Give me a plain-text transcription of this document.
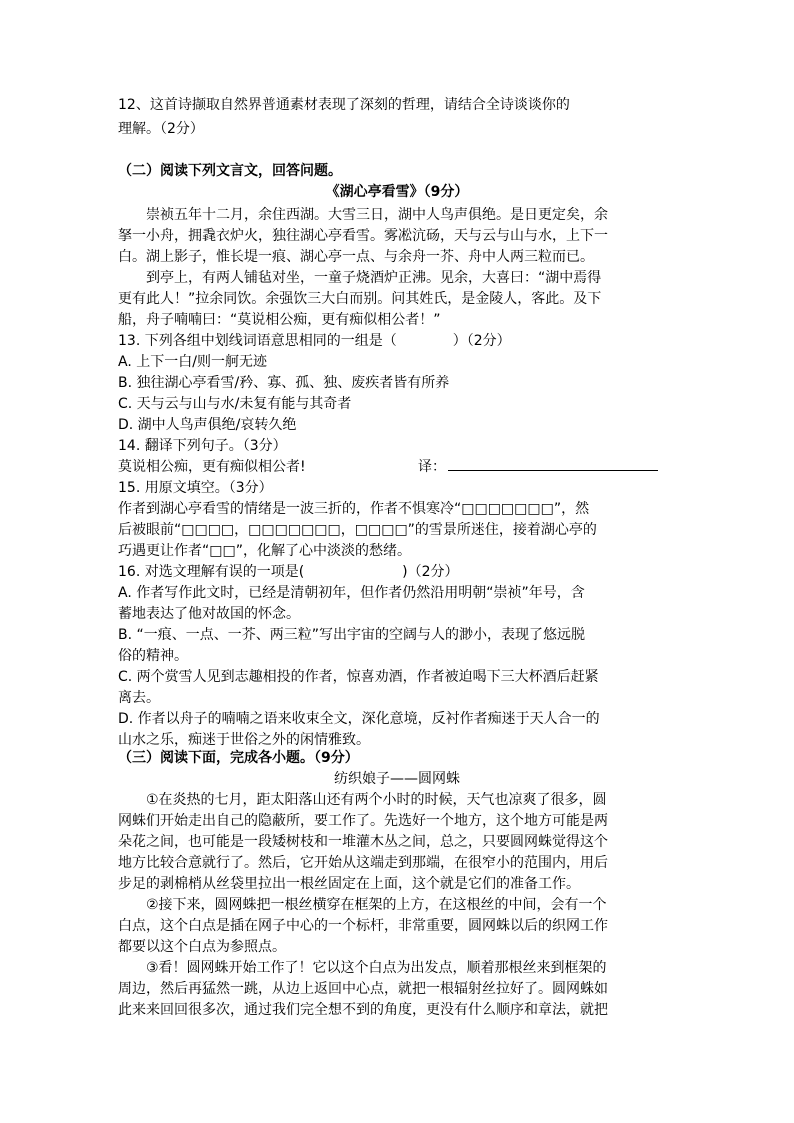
12、这首诗撷取自然界普通素材表现了深刻的哲理，请结合全诗谈谈你的
理解。（2分）
（二）阅读下列文言文，回答问题。
《湖心亭看雪》（9分）
崇祯五年十二月，余住西湖。大雪三日，湖中人鸟声俱绝。是日更定矣，余
拏一小舟，拥毳衣炉火，独往湖心亭看雪。雾凇沆砀，天与云与山与水，上下一
白。湖上影子，惟长堤一痕、湖心亭一点、与余舟一芥、舟中人两三粒而已。
到亭上，有两人铺毡对坐，一童子烧酒炉正沸。见余，大喜曰：“湖中焉得
更有此人！”拉余同饮。余强饮三大白而别。问其姓氏，是金陵人，客此。及下
船，舟子喃喃曰：“莫说相公痴，更有痴似相公者！”
13. 下列各组中划线词语意思相同的一组是（　　　　）（2分）
A. 上下一白/则一舸无迹
B. 独往湖心亭看雪/矜、寡、孤、独、废疾者皆有所养
C. 天与云与山与水/未复有能与其奇者
D. 湖中人鸟声俱绝/哀转久绝
14. 翻译下列句子。（3分）
莫说相公痴，更有痴似相公者!	译：
15. 用原文填空。（3分）
作者到湖心亭看雪的情绪是一波三折的，作者不惧寒冷“□□□□□□□”，然
后被眼前“□□□□，□□□□□□□，□□□□”的雪景所迷住，接着湖心亭的
巧遇更让作者“□□”，化解了心中淡淡的愁绪。
16. 对选文理解有误的一项是(　　　　　　　)（2分）
A. 作者写作此文时，已经是清朝初年，但作者仍然沿用明朝“崇祯”年号，含
蓄地表达了他对故国的怀念。
B. “一痕、一点、一芥、两三粒”写出宇宙的空阔与人的渺小，表现了悠远脱
俗的精神。
C. 两个赏雪人见到志趣相投的作者，惊喜劝酒，作者被迫喝下三大杯酒后赶紧
离去。
D. 作者以舟子的喃喃之语来收束全文，深化意境，反衬作者痴迷于天人合一的
山水之乐，痴迷于世俗之外的闲情雅致。
（三）阅读下面，完成各小题。（9分）
纺织娘子——圆网蛛
①在炎热的七月，距太阳落山还有两个小时的时候，天气也凉爽了很多，圆
网蛛们开始走出自己的隐蔽所，要工作了。先选好一个地方，这个地方可能是两
朵花之间，也可能是一段矮树枝和一堆灌木丛之间，总之，只要圆网蛛觉得这个
地方比较合意就行了。然后，它开始从这端走到那端，在很窄小的范围内，用后
步足的剥棉梢从丝袋里拉出一根丝固定在上面，这个就是它们的准备工作。
②接下来，圆网蛛把一根丝横穿在框架的上方，在这根丝的中间，会有一个
白点，这个白点是插在网子中心的一个标杆，非常重要，圆网蛛以后的织网工作
都要以这个白点为参照点。
③看！圆网蛛开始工作了！它以这个白点为出发点，顺着那根丝来到框架的
周边，然后再猛然一跳，从边上返回中心点，就把一根辐射丝拉好了。圆网蛛如
此来来回回很多次，通过我们完全想不到的角度，更没有什么顺序和章法，就把
